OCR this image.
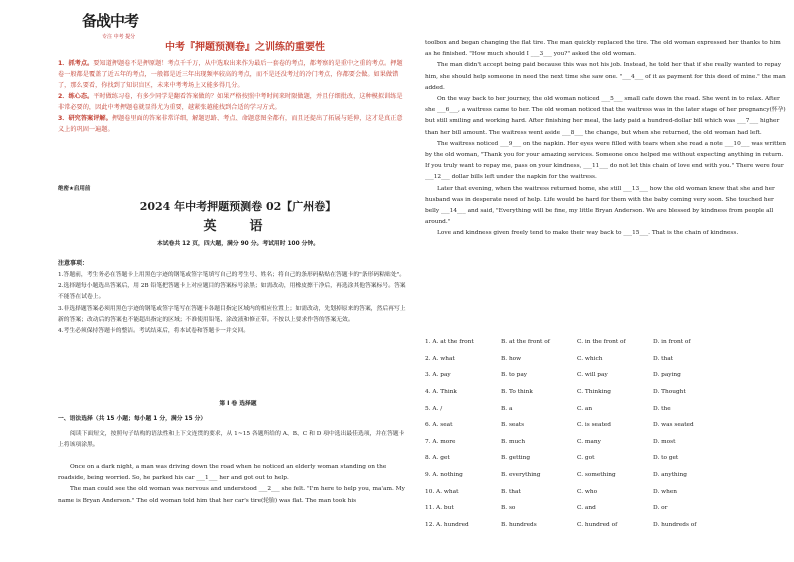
备战中考
专注 中考 提分
中考『押题预测卷』之训练的重要性

1．抓考点。要知道押题卷不是押原题！考点千千万，从中选取出来作为最后一套卷的考点，都考察的是重中之重的考点。押题卷一般都是覆盖了近五年的考点，一般都是近三年出现频率较高的考点，而不是还没考过的冷门考点，你都要会做。如果做错了，那么要看，你找到了知识盲区，未来中考考场上又能多得几分。

2．练心态。平时做练习卷，有多少同学是翻看答案做的？如果严格按照中考时间来时限做题，并且仔细批改，这种模拟训练是非常必要的，因此中考押题卷就显得尤为重要，越紧张越能找到合适的学习方式。

3．研究答案评解。押题卷里面的答案非常详细，解题思路、考点、命题意图全都有，而且还提出了拓展与延伸，这才是真正意义上的巩固一遍题。

绝密★启用前
2024 年中考押题预测卷 02【广州卷】
英　语
本试卷共 12 页，四大题，满分 90 分。考试用时 100 分钟。
注意事项：

1.答题前，考生务必在答题卡上用黑色字迹的钢笔或签字笔填写自己的考生号、姓名；将自己的条形码粘贴在答题卡的"条形码粘贴处"。

2.选择题每小题选出答案后，用 2B 铅笔把答题卡上对应题目的答案标号涂黑；如需改动，用橡皮擦干净后，再选涂其他答案标号。答案不能答在试卷上。

3.非选择题答案必须用黑色字迹的钢笔或签字笔写在答题卡各题目指定区域内的相应位置上；如需改动，先划掉原来的答案，然后再写上新的答案；改动后的答案也不能超出指定的区域；不准使用铅笔、涂改液和修正带。不按以上要求作答的答案无效。

4.考生必须保持答题卡的整洁。考试结束后，将本试卷和答题卡一并交回。

第 I 卷 选择题
一、语法选择（共 15 小题；每小题 1 分，满分 15 分）

阅读下面短文，按照句子结构的语法性和上下文连贯的要求，从 1~15 各题所给的 A、B、C 和 D 项中选出最佳选项，并在答题卡上将该项涂黑。

Once on a dark night, a man was driving down the road when he noticed an elderly woman standing on the roadside, being worried. So, he parked his car ___1___ her and got out to help.

The man could see the old woman was nervous and understood ___2___ she felt. "I'm here to help you, ma'am. My name is Bryan Anderson." The old woman told him that her car's tire(轮胎) was flat. The man took his

toolbox and began changing the flat tire. The man quickly replaced the tire. The old woman expressed her thanks to him as he finished. "How much should I ___3___ you?" asked the old woman.

The man didn't accept being paid because this was not his job. Instead, he told her that if she really wanted to repay him, she should help someone in need the next time she saw one. "___4___ of it as payment for this deed of mine." the man added.

On the way back to her journey, the old woman noticed ___5___ small cafe down the road. She went in to relax. After she ___6___, a waitress came to her. The old woman noticed that the waitress was in the later stage of her pregnancy(怀孕) but still smiling and working hard. After finishing her meal, the lady paid a hundred-dollar bill which was ___7___ higher than her bill amount. The waitress went aside ___8___ the change, but when she returned, the old woman had left.

The waitress noticed ___9___ on the napkin. Her eyes were filled with tears when she read a note ___10___ was written by the old woman, "Thank you for your amazing services. Someone once helped me without expecting anything in return. If you truly want to repay me, pass on your kindness, ___11___ do not let this chain of love end with you." There were four ___12___ dollar bills left under the napkin for the waitress.

Later that evening, when the waitress returned home, she still ___13___ how the old woman knew that she and her husband was in desperate need of help. Life would be hard for them with the baby coming very soon. She touched her belly ___14___ and said, "Everything will be fine, my little Bryan Anderson. We are blessed by kindness from people all around."

Love and kindness given freely tend to make their way back to ___15___. That is the chain of kindness.

1. A. at the front	B. at the front of	C. in the front of	D. in front of
2. A. what	B. how	C. which	D. that
3. A. pay	B. to pay	C. will pay	D. paying
4. A. Think	B. To think	C. Thinking	D. Thought
5. A. /	B. a	C. an	D. the
6. A. seat	B. seats	C. is seated	D. was seated
7. A. more	B. much	C. many	D. most
8. A. get	B. getting	C. got	D. to get
9. A. nothing	B. everything	C. something	D. anything
10. A. what	B. that	C. who	D. when
11. A. but	B. so	C. and	D. or
12. A. hundred	B. hundreds	C. hundred of	D. hundreds of
